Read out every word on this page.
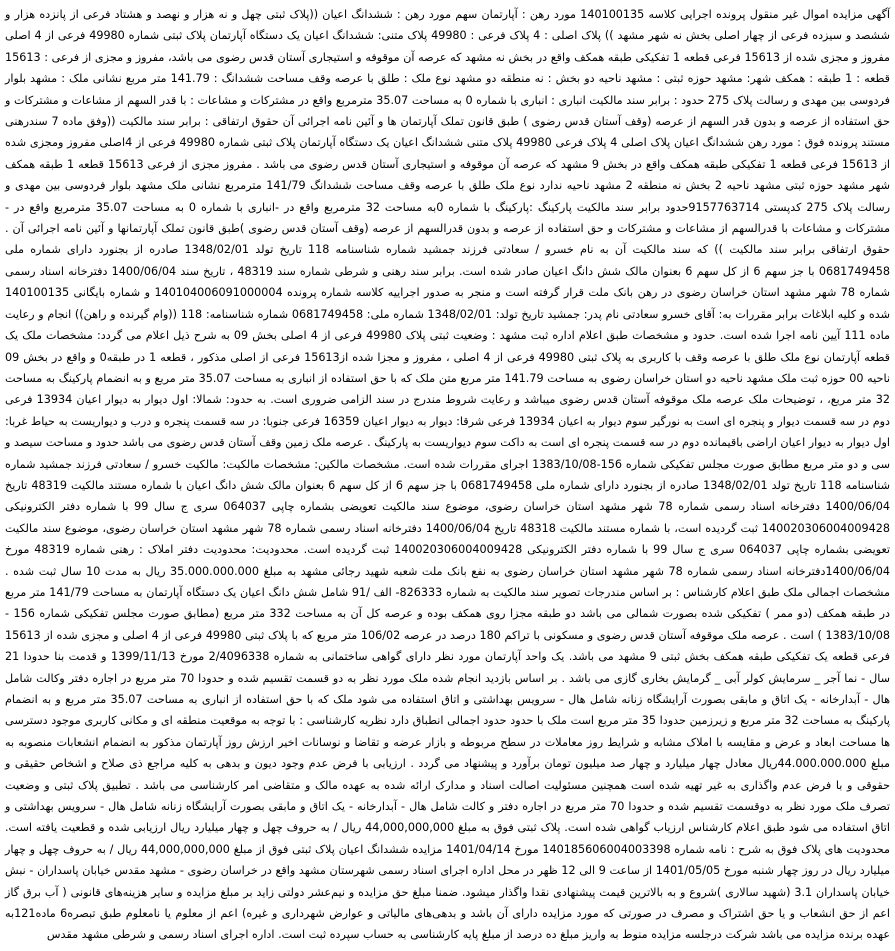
آگهی مزایده اموال غیر منقول پرونده اجرایی کلاسه 140100135 مورد رهن : آپارتمان سهم مورد رهن : ششدانگ اعیان ((پلاک ثبتی چهل و نه هزار و نهصد و هشتاد فرعی از پانزده هزار و ششصد و سیزده فرعی از چهار اصلی بخش نه شهر مشهد )) پلاک اصلی : 4 پلاک فرعی : 49980 پلاک متنی: ششدانگ اعیان یک دستگاه آپارتمان پلاک ثبتی شماره 49980 فرعی از 4 اصلی مفروز و مجزی شده از 15613 فرعی قطعه 1 تفکیکی طبقه همکف واقع در بخش نه مشهد که عرصه آن موقوفه و استیجاری آستان قدس رضوی می باشد، مفروز و مجزی از فرعی : 15613 قطعه : 1 طبقه : همکف شهر: مشهد حوزه ثبتی : مشهد ناحیه دو بخش : نه منطقه دو مشهد نوع ملک : طلق با عرصه وقف مساحت ششدانگ : 141.79 متر مربع نشانی ملک : مشهد بلوار فردوسی بین مهدی و رسالت پلاک 275 حدود : برابر سند مالکیت انباری : انباری با شماره 0 به مساحت 35.07 مترمربع واقع در مشترکات و مشاعات : با قدر السهم از مشاعات و مشترکات و حق استفاده از عرصه و بدون قدر السهم از عرصه (وقف آستان قدس رضوی ) طبق قانون تملک آپارتمان ها و آئین نامه اجرائی آن حقوق ارتفاقی : برابر سند مالکیت ((وفق ماده 7 سندرهنی مستند پرونده فوق : مورد رهن ششدانگ اعیان پلاک اصلی 4 پلاک فرعی 49980 پلاک متنی ششدانگ اعیان یک دستگاه آپارتمان پلاک ثبتی شماره 49980 فرعی از 4اصلی مفروز ومجزی شده از 15613 فرعی قطعه 1 تفکیکی طبقه همکف واقع در بخش 9 مشهد که عرصه آن موقوفه و استیجاری آستان قدس رضوی می باشد . مفروز مجزی از فرعی 15613 قطعه 1 طبقه همکف شهر مشهد حوزه ثبتی مشهد ناحیه 2 بخش نه منطقه 2 مشهد ناحیه ندارد نوع ملک طلق با عرصه وقف مساحت ششدانگ 141/79 مترمربع نشانی ملک مشهد بلوار فردوسی بین مهدی و رسالت پلاک 275 کدپستی 9157763714حدود برابر سند مالکیت پارکینگ :پارکینگ با شماره 0به مساحت 32 مترمربع واقع در -انباری با شماره 0 به مساحت 35.07 مترمربع واقع در - مشترکات و مشاعات با قدرالسهم از مشاعات و مشترکات و حق استفاده از عرصه و بدون قدرالسهم از عرصه (وقف آستان قدس رضوی )طبق قانون تملک آپارتمانها و آئین نامه اجرائی آن . حقوق ارتفاقی برابر سند مالکیت )) که سند مالکیت آن به نام خسرو / سعادتی فرزند جمشید شماره شناسنامه 118 تاریخ تولد 1348/02/01 صادره از بجنورد دارای شماره ملی 0681749458 با جز سهم 6 از کل سهم 6 بعنوان مالک شش دانگ اعیان صادر شده است. برابر سند رهنی و شرطی شماره سند 48319 ، تاریخ سند 1400/06/04 دفترخانه اسناد رسمی شماره 78 شهر مشهد استان خراسان رضوی در رهن بانک ملت قرار گرفته است و منجر به صدور اجراییه کلاسه شماره پرونده 140104006091000004 و شماره بایگانی 140100135 شده و کلیه ابلاغات برابر مقررات به: آقای خسرو سعادتی نام پدر: جمشید تاریخ تولد: 1348/02/01 شماره ملی: 0681749458 شماره شناسنامه: 118 ((وام گیرنده و راهن)) انجام و رعایت ماده 111 آیین نامه اجرا شده است. حدود و مشخصات طبق اعلام اداره ثبت مشهد : وضعیت ثبتی پلاک 49980 فرعی از 4 اصلی بخش 09 به شرح ذیل اعلام می گردد: مشخصات ملک یک قطعه آپارتمان نوع ملک طلق با عرصه وقف با کاربری به پلاک ثبتی 49980 فرعی از 4 اصلی ، مفروز و مجزا شده از15613 فرعی از اصلی مذکور ، قطعه 1 در طبقه0 و واقع در بخش 09 ناحیه 00 حوزه ثبت ملک مشهد ناحیه دو استان خراسان رضوی به مساحت 141.79 متر مربع متن ملک که با حق استفاده از انباری به مساحت 35.07 متر مربع و به انضمام پارکینگ به مساحت 32 متر مربع، ، توضیحات ملک عرصه ملک موقوفه آستان قدس رضوی میباشد و رعایت شروط مندرج در سند الزامی ضروری است. به حدود: شمالا: اول دیوار به دیوار اعیان 13934 فرعی دوم در سه قسمت دیوار و پنجره ای است به نورگیر سوم دیوار به اعیان 13934 فرعی شرقا: دیوار به دیوار اعیان 16359 فرعی جنوبا: در سه قسمت پنجره و درب و دیواریست به حیاط غربا: اول دیوار به دیوار اعیان اراضی باقیمانده دوم در سه قسمت پنجره ای است به داکت سوم دیواریست به پارکینگ . عرصه ملک زمین وقف آستان قدس رضوی می باشد حدود و مساحت سیصد و سی و دو متر مربع مطابق صورت مجلس تفکیکی شماره 156-1383/10/08 اجرای مقررات شده است. مشخصات مالکین: مشخصات مالکیت: مالکیت خسرو / سعادتی فرزند جمشید شماره شناسنامه 118 تاریخ تولد 1348/02/01 صادره از بجنورد دارای شماره ملی 0681749458 با جز سهم 6 از کل سهم 6 بعنوان مالک شش دانگ اعیان با شماره مستند مالکیت 48319 تاریخ 1400/06/04 دفترخانه اسناد رسمی شماره 78 شهر مشهد استان خراسان رضوی، موضوع سند مالکیت تعویضی بشماره چاپی 064037 سری ج سال 99 با شماره دفتر الکترونیکی 140020306004009428 ثبت گردیده است، با شماره مستند مالکیت 48318 تاریخ 1400/06/04 دفترخانه اسناد رسمی شماره 78 شهر مشهد استان خراسان رضوی، موضوع سند مالکیت تعویضی بشماره چاپی 064037 سری ج سال 99 با شماره دفتر الکترونیکی 140020306004009428 ثبت گردیده است. محدودیت: محدودیت دفتر املاک : رهنی شماره 48319 مورخ 1400/06/04دفترخانه اسناد رسمی شماره 78 شهر مشهد استان خراسان رضوی به نفع بانک ملت شعبه شهید رجائی مشهد به مبلغ 35.000.000.000 ریال به مدت 10 سال ثبت شده . مشخصات اجمالی ملک طبق اعلام کارشناس : بر اساس مندرجات تصویر سند مالکیت به شماره 826333- الف /91 شامل شش دانگ اعیان یک دستگاه آپارتمان به مساحت 141/79 متر مربع در طبقه همکف (دو ممر ) تفکیکی شده بصورت شمالی می باشد دو طبقه مجزا روی همکف بوده و عرصه کل آن به مساحت 332 متر مربع (مطابق صورت مجلس تفکیکی شماره 156 - 1383/10/08 ) است . عرصه ملک موقوفه آستان قدس رضوی و مسکونی با تراکم 180 درصد در عرصه 106/02 متر مربع که با پلاک ثبتی 49980 فرعی از 4 اصلی و مجزی شده از 15613 فرعی قطعه یک تفکیکی طبقه همکف بخش ثبتی 9 مشهد می باشد. یک واحد آپارتمان مورد نظر دارای گواهی ساختمانی به شماره 2/4096338 مورخ 1399/11/13 و قدمت بنا حدودا 21 سال - نما آجر _ سرمایش کولر آبی _ گرمایش بخاری گازی می باشد . بر اساس بازدید انجام شده ملک مورد نظر به دو قسمت تقسیم شده و حدودا 70 متر مربع در اجاره دفتر وکالت شامل هال - آبدارخانه - یک اتاق و مابقی بصورت آرایشگاه زنانه شامل هال - سرویس بهداشتی و اتاق استفاده می شود ملک که با حق استفاده از انباری به مساحت 35.07 متر مربع و به انضمام پارکینگ به مساحت 32 متر مربع و زیرزمین حدودا 35 متر مربع است ملک با حدود حدود اجمالی انطباق دارد نظریه کارشناسی : با توجه به موقعیت منطقه ای و مکانی کاربری موجود دسترسی ها مساحت ابعاد و عرض و مقایسه با املاک مشابه و شرایط روز معاملات در سطح مربوطه و بازار عرضه و تقاضا و نوسانات اخیر ارزش روز آپارتمان مذکور به انضمام انشعابات منصوبه به مبلغ 44.000.000.000ریال معادل چهار میلیارد و چهار صد میلیون تومان برآورد و پیشنهاد می گردد . ارزیابی با فرض عدم وجود دیون و بدهی به کلیه مراجع ذی صلاح و اشخاص حقیقی و حقوقی و با فرض عدم واگذاری به غیر تهیه شده است همچنین مسئولیت اصالت اسناد و مدارک ارائه شده به عهده مالک و متقاضی امر کارشناسی می باشد . تطبیق پلاک ثبتی و وضعیت تصرف ملک مورد نظر به دوقسمت تقسیم شده و حدودا 70 متر مربع در اجاره دفتر و کالت شامل هال - آبدارخانه - یک اتاق و مابقی بصورت آرایشگاه زنانه شامل هال - سرویس بهداشتی و اتاق استفاده می شود طبق اعلام کارشناس ارزیاب گواهی شده است. پلاک ثبتی فوق به مبلغ 44,000,000,000 ریال / به حروف چهل و چهار میلیارد ریال ارزیابی شده و قطعیت یافته است. محدودیت های پلاک فوق به شرح : نامه شماره 140185606004003398 مورخ 1401/04/14 مزایده ششدانگ اعیان پلاک ثبتی فوق از مبلغ 44,000,000,000 ریال / به حروف چهل و چهار میلیارد ریال در روز چهار شنبه مورخ 1401/05/05 از ساعت 9 الی 12 ظهر در محل اداره اجرای اسناد رسمی شهرستان مشهد واقع در خراسان رضوی - مشهد مقدس خیابان پاسداران - نبش خیابان پاسداران 3.1 (شهید سالاری )شروع و به بالاترین قیمت پیشنهادی نقدا واگذار میشود. ضمنا مبلغ حق مزایده و نیم‌عشر دولتی زاید بر مبلغ مزایده و سایر هزینه‌های قانونی ( آب برق گاز اعم از حق انشعاب و یا حق اشتراک و مصرف در صورتی که مورد مزایده دارای آن باشد و بدهی‌های مالیاتی و عوارض شهرداری و غیره) اعم از معلوم یا نامعلوم طبق تبصره6 ماده121به عهده برنده مزایده می باشد شرکت درجلسه مزایده منوط به واریز مبلغ ده درصد از مبلغ پایه کارشناسی به حساب سپرده ثبت است. اداره اجرای اسناد رسمی و شرطی مشهد مقدس
